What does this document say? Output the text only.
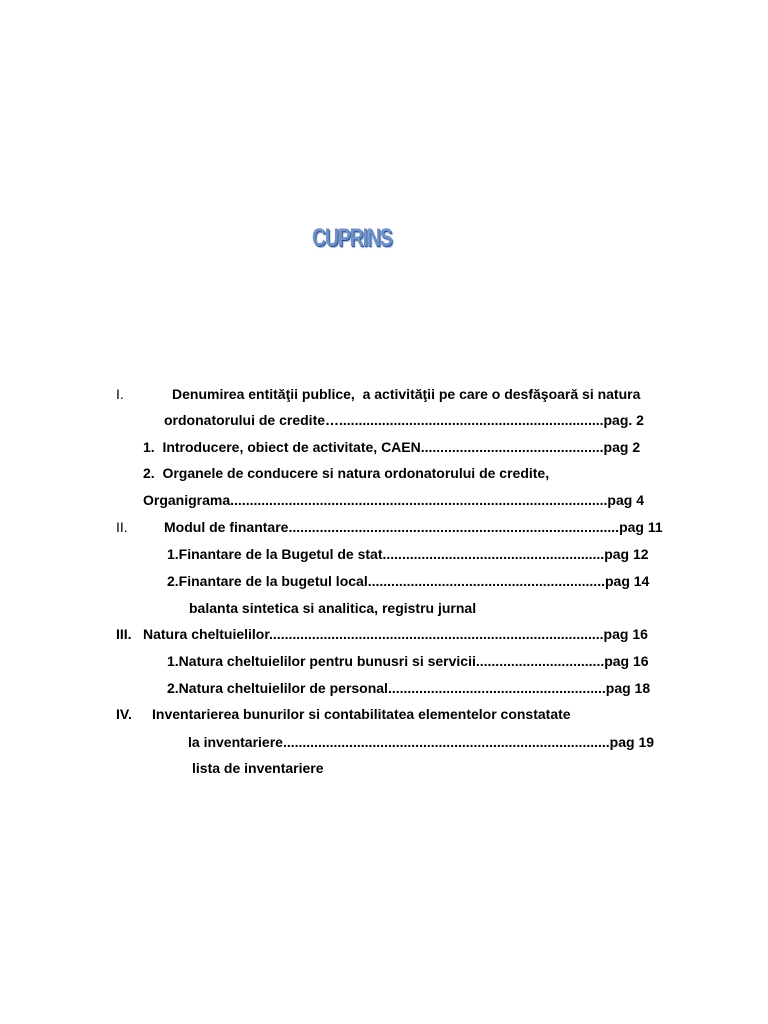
CUPRINS
I.	Denumirea entităţii publice,  a activităţii pe care o desfăşoară si natura
ordonatorului de credite…....................................................................pag. 2
1.  Introducere, obiect de activitate, CAEN...............................................pag 2
2.  Organele de conducere si natura ordonatorului de credite,
Organigrama.................................................................................................pag 4
II.	Modul de finantare.....................................................................................pag 11
1.Finantare de la Bugetul de stat.........................................................pag 12
2.Finantare de la bugetul local.............................................................pag 14
balanta sintetica si analitica, registru jurnal
III. Natura cheltuielilor......................................................................................pag 16
1.Natura cheltuielilor pentru bunusri si servicii.................................pag 16
2.Natura cheltuielilor de personal........................................................pag 18
IV. Inventarierea bunurilor si contabilitatea elementelor constatate
la inventariere....................................................................................pag 19
lista de inventariere
